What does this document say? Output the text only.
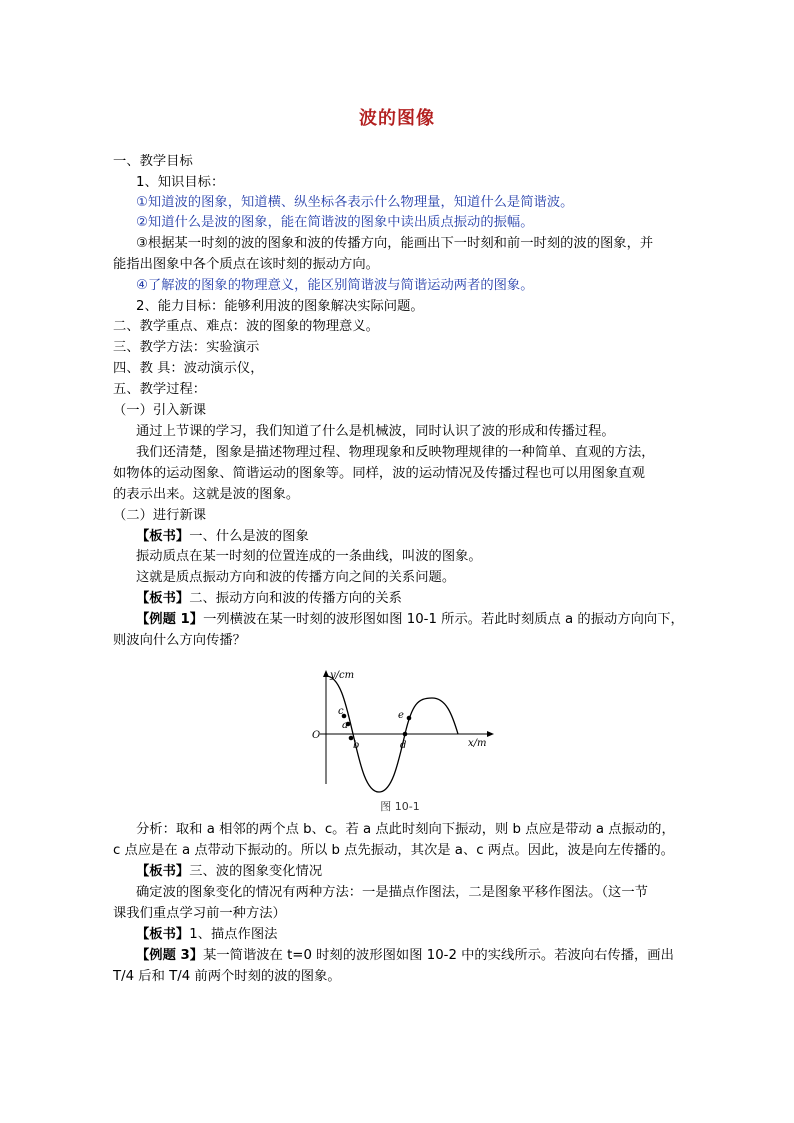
波的图像
一、教学目标
1、知识目标：
①知道波的图象，知道横、纵坐标各表示什么物理量，知道什么是简谐波。
②知道什么是波的图象，能在简谐波的图象中读出质点振动的振幅。
③根据某一时刻的波的图象和波的传播方向，能画出下一时刻和前一时刻的波的图象，并
能指出图象中各个质点在该时刻的振动方向。
④了解波的图象的物理意义，能区别简谐波与简谐运动两者的图象。
2、能力目标：能够利用波的图象解决实际问题。
二、教学重点、难点：波的图象的物理意义。
三、教学方法：实验演示
四、教 具：波动演示仪，
五、教学过程：
（一）引入新课
通过上节课的学习，我们知道了什么是机械波，同时认识了波的形成和传播过程。
我们还清楚，图象是描述物理过程、物理现象和反映物理规律的一种简单、直观的方法，
如物体的运动图象、简谐运动的图象等。同样，波的运动情况及传播过程也可以用图象直观
的表示出来。这就是波的图象。
（二）进行新课
【板书】一、什么是波的图象
振动质点在某一时刻的位置连成的一条曲线，叫波的图象。
这就是质点振动方向和波的传播方向之间的关系问题。
【板书】二、振动方向和波的传播方向的关系
【例题 1】一列横波在某一时刻的波形图如图 10-1 所示。若此时刻质点 a 的振动方向向下，
则波向什么方向传播？
分析：取和 a 相邻的两个点 b、c。若 a 点此时刻向下振动，则 b 点应是带动 a 点振动的，
c 点应是在 a 点带动下振动的。所以 b 点先振动，其次是 a、c 两点。因此，波是向左传播的。
【板书】三、波的图象变化情况
确定波的图象变化的情况有两种方法：一是描点作图法，二是图象平移作图法。（这一节
课我们重点学习前一种方法）
【板书】1、描点作图法
【例题 3】某一简谐波在 t=0 时刻的波形图如图 10-2 中的实线所示。若波向右传播，画出
T/4 后和 T/4 前两个时刻的波的图象。
y/cm
x/m
O
c
a
b
e
d
图 10-1
